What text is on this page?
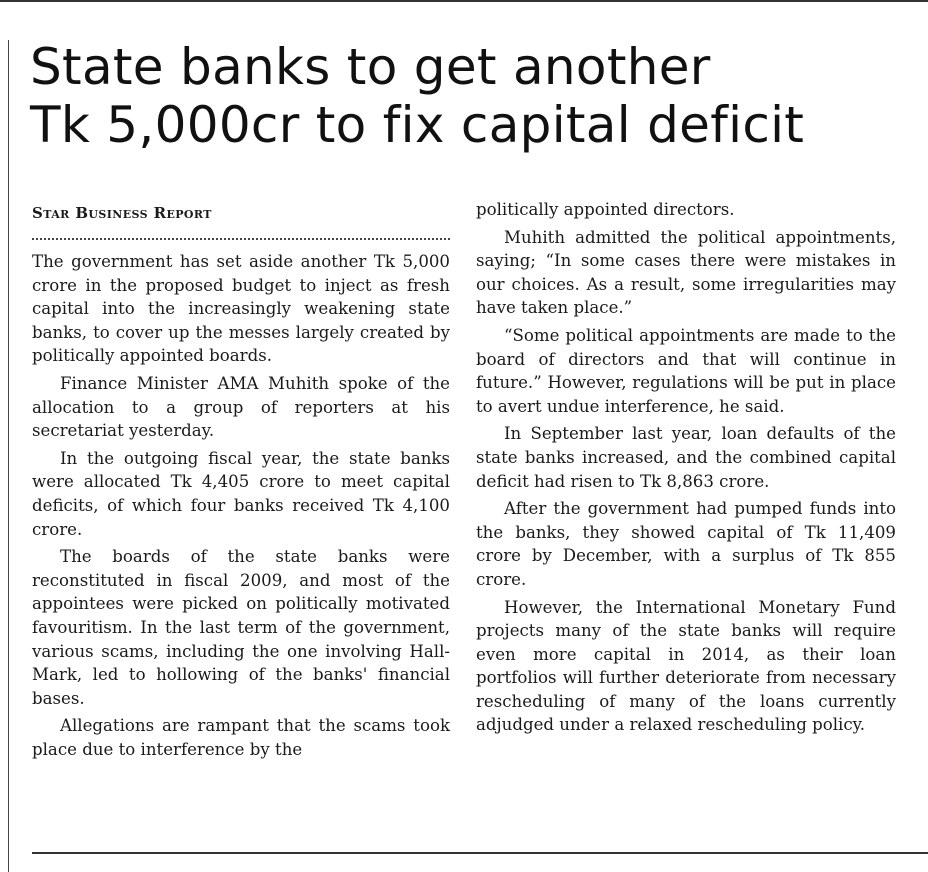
State banks to get another
Tk 5,000cr to fix capital deficit
Star Business Report

The government has set aside another Tk 5,000 crore in the proposed budget to inject as fresh capital into the increasingly weakening state banks, to cover up the messes largely created by politically appointed boards.

Finance Minister AMA Muhith spoke of the allocation to a group of reporters at his secretariat yesterday.

In the outgoing fiscal year, the state banks were allocated Tk 4,405 crore to meet capital deficits, of which four banks received Tk 4,100 crore.

The boards of the state banks were reconstituted in fiscal 2009, and most of the appointees were picked on politically motivated favouritism. In the last term of the government, various scams, including the one involving Hall-Mark, led to hollowing of the banks' financial bases.

Allegations are rampant that the scams took place due to interference by the

politically appointed directors.

Muhith admitted the political appointments, saying; “In some cases there were mistakes in our choices. As a result, some irregularities may have taken place.”

“Some political appointments are made to the board of directors and that will continue in future.” However, regulations will be put in place to avert undue interference, he said.

In September last year, loan defaults of the state banks increased, and the combined capital deficit had risen to Tk 8,863 crore.

After the government had pumped funds into the banks, they showed capital of Tk 11,409 crore by December, with a surplus of Tk 855 crore.

However, the International Monetary Fund projects many of the state banks will require even more capital in 2014, as their loan portfolios will further deteriorate from necessary rescheduling of many of the loans currently adjudged under a relaxed rescheduling policy.
